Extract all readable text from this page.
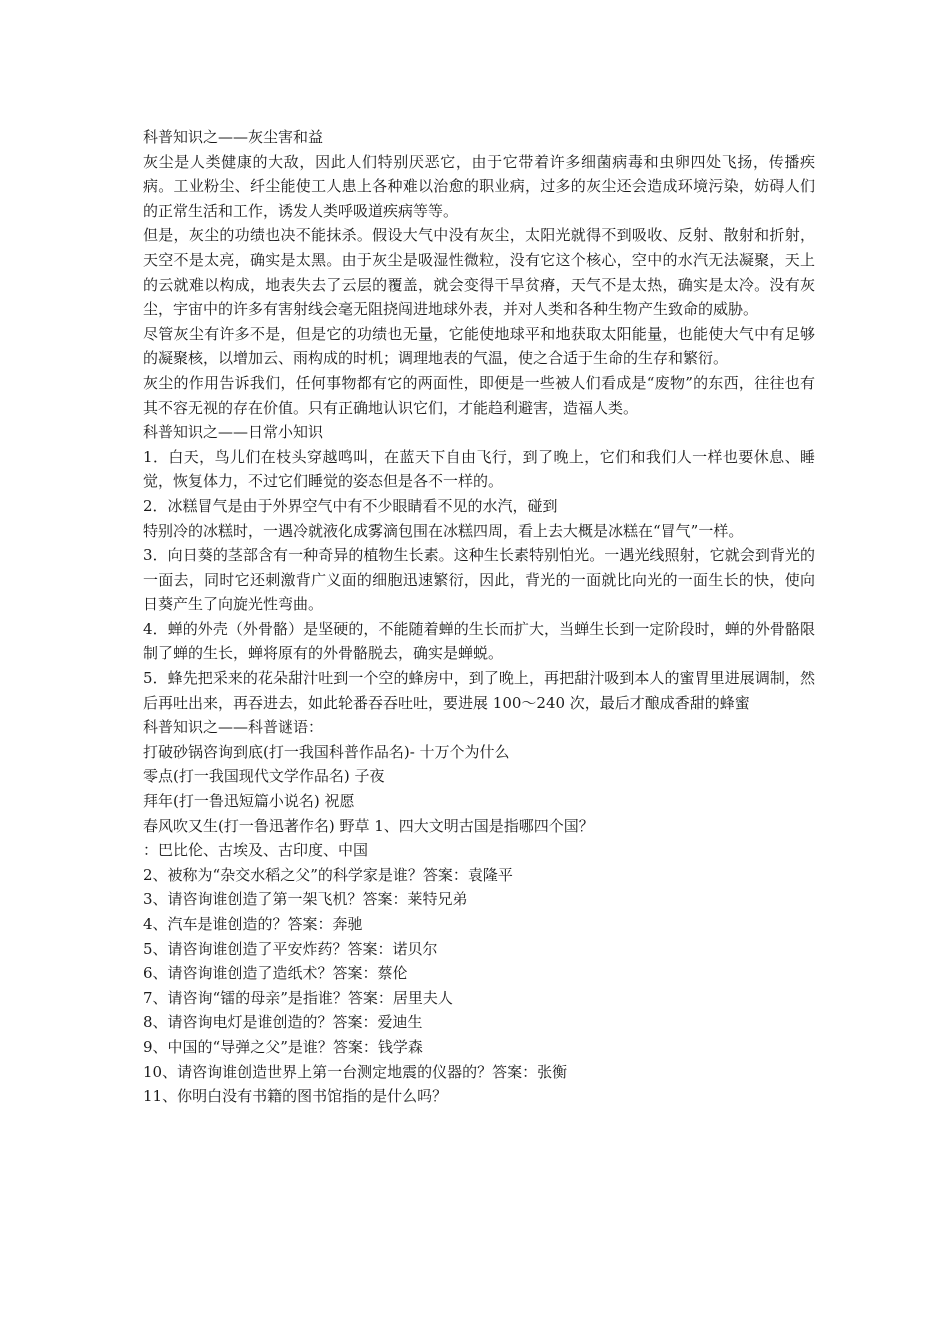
科普知识之——灰尘害和益

灰尘是人类健康的大敌，因此人们特别厌恶它，由于它带着许多细菌病毒和虫卵四处飞扬，传播疾病。工业粉尘、纤尘能使工人患上各种难以治愈的职业病，过多的灰尘还会造成环境污染，妨碍人们的正常生活和工作，诱发人类呼吸道疾病等等。

但是，灰尘的功绩也决不能抹杀。假设大气中没有灰尘，太阳光就得不到吸收、反射、散射和折射，天空不是太亮，确实是太黑。由于灰尘是吸湿性微粒，没有它这个核心，空中的水汽无法凝聚，天上的云就难以构成，地表失去了云层的覆盖，就会变得干旱贫瘠，天气不是太热，确实是太冷。没有灰尘，宇宙中的许多有害射线会毫无阻挠闯进地球外表，并对人类和各种生物产生致命的威胁。

尽管灰尘有许多不是，但是它的功绩也无量，它能使地球平和地获取太阳能量，也能使大气中有足够的凝聚核，以增加云、雨构成的时机；调理地表的气温，使之合适于生命的生存和繁衍。

灰尘的作用告诉我们，任何事物都有它的两面性，即便是一些被人们看成是“废物”的东西，往往也有其不容无视的存在价值。只有正确地认识它们，才能趋利避害，造福人类。

科普知识之——日常小知识

1．白天，鸟儿们在枝头穿越鸣叫，在蓝天下自由飞行，到了晚上，它们和我们人一样也要休息、睡觉，恢复体力，不过它们睡觉的姿态但是各不一样的。

2．冰糕冒气是由于外界空气中有不少眼睛看不见的水汽，碰到

特别冷的冰糕时，一遇冷就液化成雾滴包围在冰糕四周，看上去大概是冰糕在“冒气”一样。

3．向日葵的茎部含有一种奇异的植物生长素。这种生长素特别怕光。一遇光线照射，它就会到背光的一面去，同时它还刺激背广义面的细胞迅速繁衍，因此，背光的一面就比向光的一面生长的快，使向日葵产生了向旋光性弯曲。

4．蝉的外壳（外骨骼）是坚硬的，不能随着蝉的生长而扩大，当蝉生长到一定阶段时，蝉的外骨骼限制了蝉的生长，蝉将原有的外骨骼脱去，确实是蝉蜕。

5．蜂先把采来的花朵甜汁吐到一个空的蜂房中，到了晚上，再把甜汁吸到本人的蜜胃里进展调制，然后再吐出来，再吞进去，如此轮番吞吞吐吐，要进展 100～240 次，最后才酿成香甜的蜂蜜

科普知识之——科普谜语：

打破砂锅咨询到底(打一我国科普作品名)- 十万个为什么

零点(打一我国现代文学作品名) 子夜

拜年(打一鲁迅短篇小说名) 祝愿

春风吹又生(打一鲁迅著作名) 野草 1、四大文明古国是指哪四个国？

：巴比伦、古埃及、古印度、中国

2、被称为“杂交水稻之父”的科学家是谁？答案：袁隆平

3、请咨询谁创造了第一架飞机？答案：莱特兄弟

4、汽车是谁创造的？答案：奔驰

5、请咨询谁创造了平安炸药？答案：诺贝尔

6、请咨询谁创造了造纸术？答案：蔡伦

7、请咨询“镭的母亲”是指谁？答案：居里夫人

8、请咨询电灯是谁创造的？答案：爱迪生

9、中国的“导弹之父”是谁？答案：钱学森

10、请咨询谁创造世界上第一台测定地震的仪器的？答案：张衡

11、你明白没有书籍的图书馆指的是什么吗？
